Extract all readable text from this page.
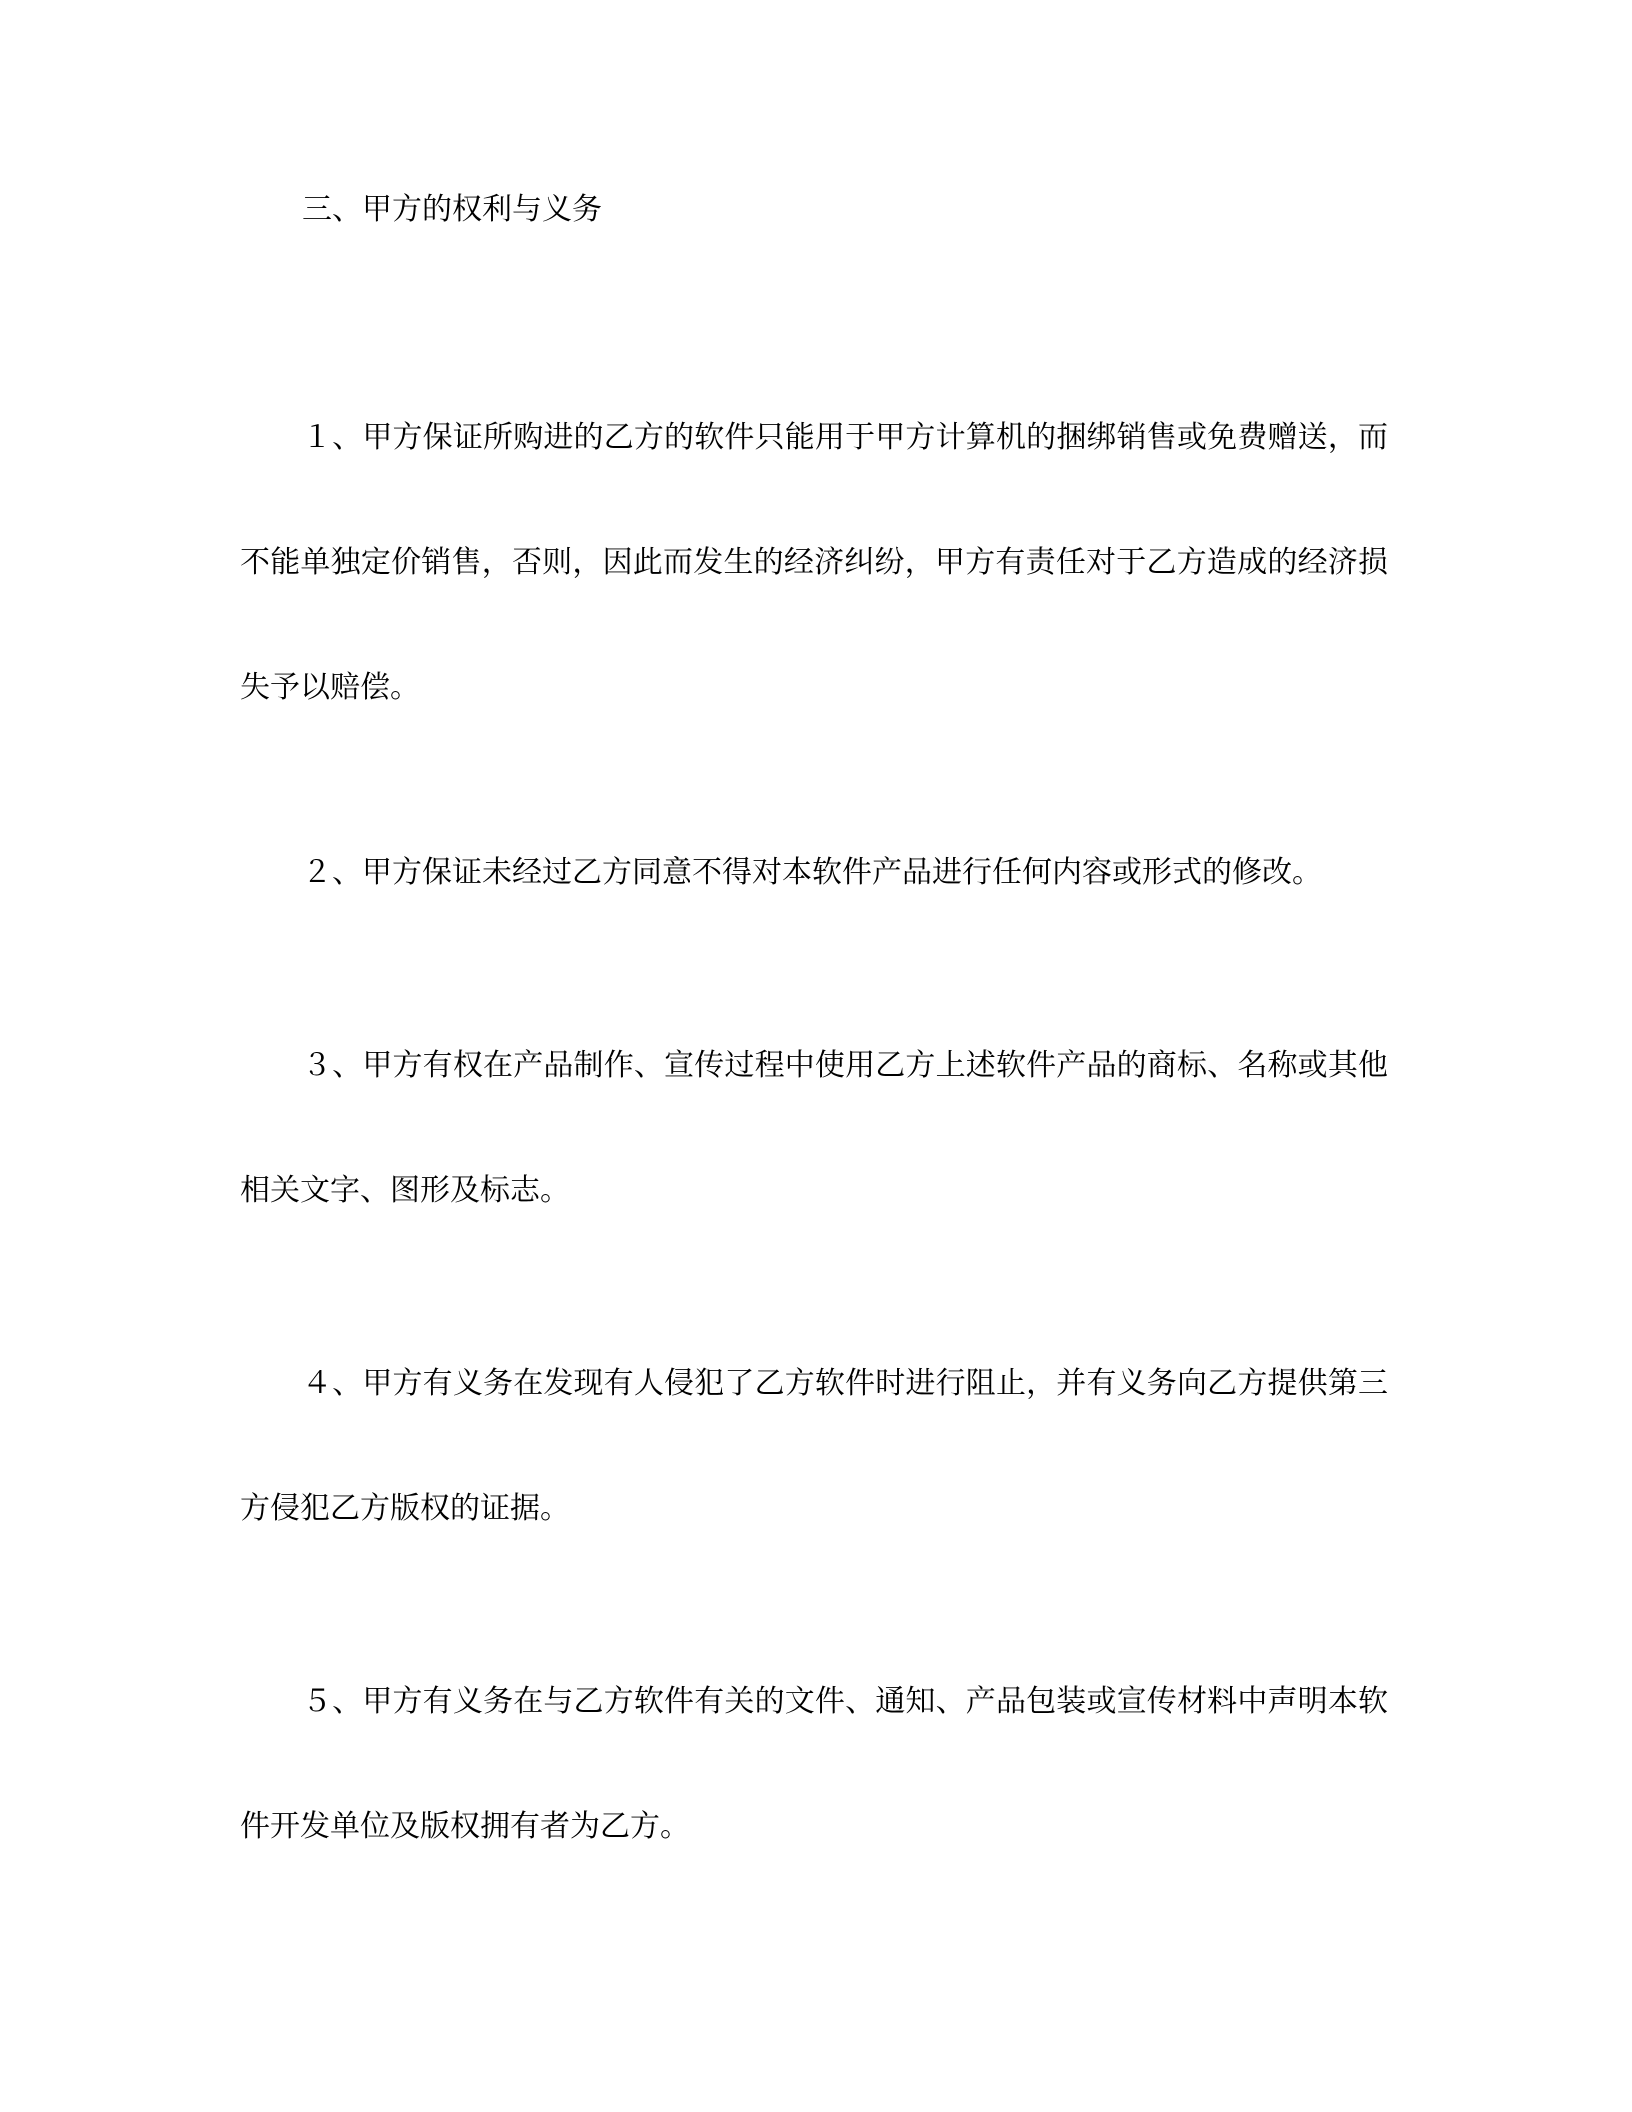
三、甲方的权利与义务

１、甲方保证所购进的乙方的软件只能用于甲方计算机的捆绑销售或免费赠送，而不能单独定价销售，否则，因此而发生的经济纠纷，甲方有责任对于乙方造成的经济损失予以赔偿。

２、甲方保证未经过乙方同意不得对本软件产品进行任何内容或形式的修改。

３、甲方有权在产品制作、宣传过程中使用乙方上述软件产品的商标、名称或其他相关文字、图形及标志。

４、甲方有义务在发现有人侵犯了乙方软件时进行阻止，并有义务向乙方提供第三方侵犯乙方版权的证据。

５、甲方有义务在与乙方软件有关的文件、通知、产品包装或宣传材料中声明本软件开发单位及版权拥有者为乙方。
